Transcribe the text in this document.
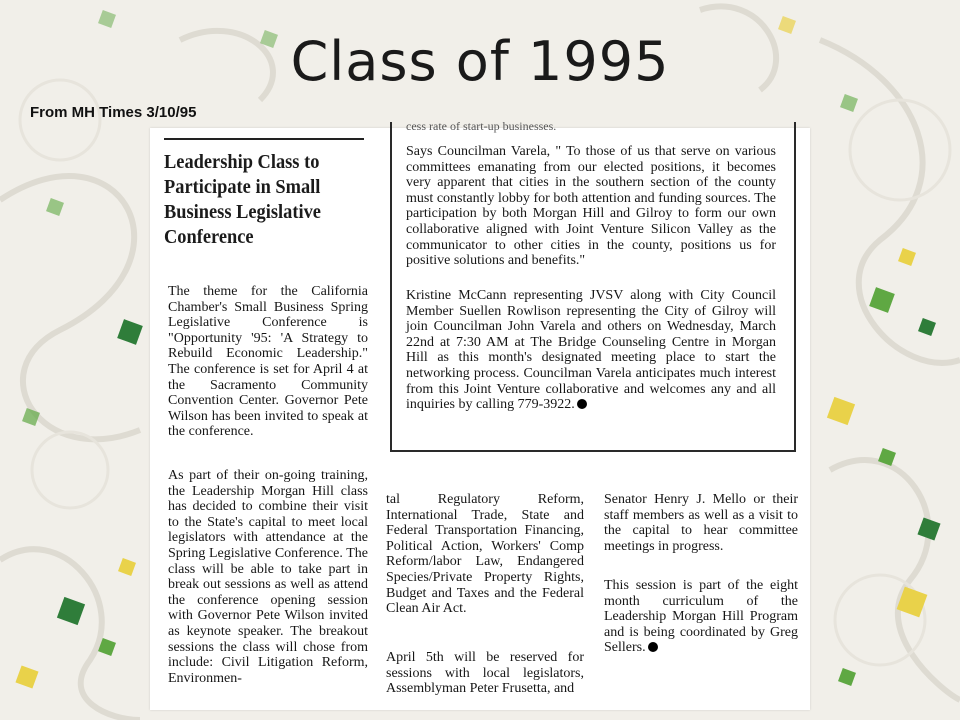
Class of 1995
From MH Times 3/10/95
Leadership Class to Participate in Small Business Legislative Conference

The theme for the California Chamber's Small Business Spring Legislative Conference is "Opportunity '95: 'A Strategy to Rebuild Economic Leadership." The conference is set for April 4 at the Sacramento Community Convention Center. Governor Pete Wilson has been invited to speak at the conference.

As part of their on-going training, the Leadership Morgan Hill class has decided to combine their visit to the State's capital to meet local legislators with attendance at the Spring Legislative Conference. The class will be able to take part in break out sessions as well as attend the conference opening session with Governor Pete Wilson invited as keynote speaker. The breakout sessions the class will chose from include: Civil Litigation Reform, Environmen-

cess rate of start-up businesses.

Says Councilman Varela, " To those of us that serve on various committees emanating from our elected positions, it becomes very apparent that cities in the southern section of the county must constantly lobby for both attention and funding sources. The participation by both Morgan Hill and Gilroy to form our own collaborative aligned with Joint Venture Silicon Valley as the communicator to other cities in the county, positions us for positive solutions and benefits."

Kristine McCann representing JVSV along with City Council Member Suellen Rowlison representing the City of Gilroy will join Councilman John Varela and others on Wednesday, March 22nd at 7:30 AM at The Bridge Counseling Centre in Morgan Hill as this month's designated meeting place to start the networking process. Councilman Varela anticipates much interest from this Joint Venture collaborative and welcomes any and all inquiries by calling 779-3922.

tal Regulatory Reform, International Trade, State and Federal Transportation Financing, Political Action, Workers' Comp Reform/labor Law, Endangered Species/Private Property Rights, Budget and Taxes and the Federal Clean Air Act.

April 5th will be reserved for sessions with local legislators, Assemblyman Peter Frusetta, and

Senator Henry J. Mello or their staff members as well as a visit to the capital to hear committee meetings in progress.

This session is part of the eight month curriculum of the Leadership Morgan Hill Program and is being coordinated by Greg Sellers.
